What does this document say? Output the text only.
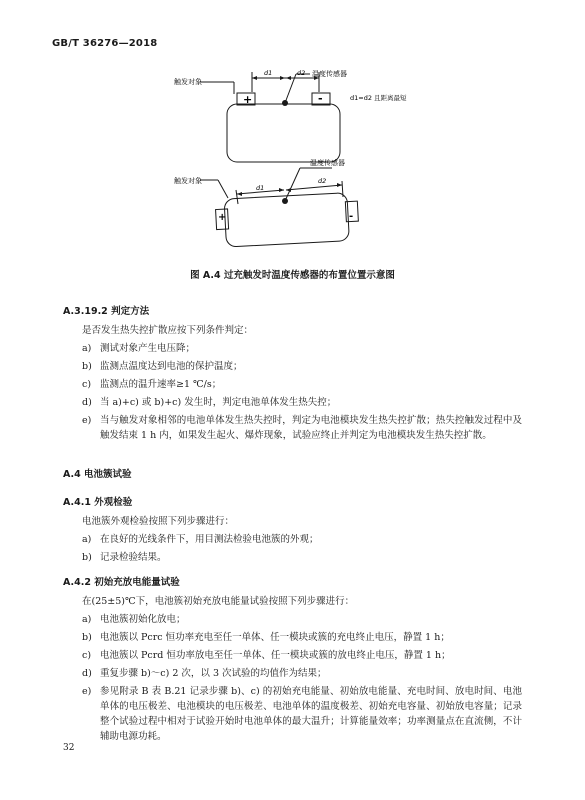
GB/T 36276—2018
+	-
触发对象
温度传感器
d1	d2
d1=d2 且距离最短
+	-
触发对象
温度传感器
d1
d2
图 A.4 过充触发时温度传感器的布置位置示意图
A.3.19.2 判定方法
是否发生热失控扩散应按下列条件判定：
a) 测试对象产生电压降；
b) 监测点温度达到电池的保护温度；
c) 监测点的温升速率≥1 ℃/s；
d) 当 a)+c) 或 b)+c) 发生时，判定电池单体发生热失控；
e) 当与触发对象相邻的电池单体发生热失控时，判定为电池模块发生热失控扩散；热失控触发过程中及触发结束 1 h 内，如果发生起火、爆炸现象，试验应终止并判定为电池模块发生热失控扩散。
A.4 电池簇试验
A.4.1 外观检验
电池簇外观检验按照下列步骤进行：
a) 在良好的光线条件下，用目测法检验电池簇的外观；
b) 记录检验结果。
A.4.2 初始充放电能量试验
在(25±5)℃下，电池簇初始充放电能量试验按照下列步骤进行：
a) 电池簇初始化放电；
b) 电池簇以 Pcrc 恒功率充电至任一单体、任一模块或簇的充电终止电压，静置 1 h；
c) 电池簇以 Pcrd 恒功率放电至任一单体、任一模块或簇的放电终止电压，静置 1 h；
d) 重复步骤 b)～c) 2 次，以 3 次试验的均值作为结果；
e) 参见附录 B 表 B.21 记录步骤 b)、c) 的初始充电能量、初始放电能量、充电时间、放电时间、电池单体的电压极差、电池模块的电压极差、电池单体的温度极差、初始充电容量、初始放电容量；记录整个试验过程中相对于试验开始时电池单体的最大温升；计算能量效率；功率测量点在直流侧，不计辅助电源功耗。
32
